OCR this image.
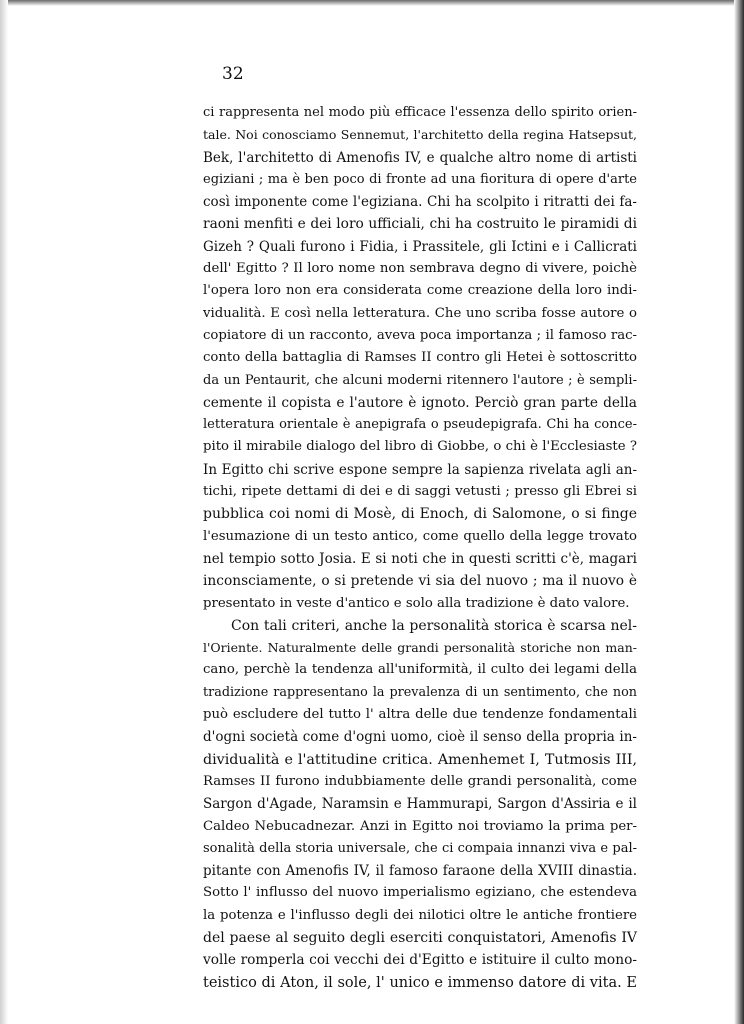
32
ci rappresenta nel modo più efficace l'essenza dello spirito orien-
tale. Noi conosciamo Sennemut, l'architetto della regina Hatsepsut,
Bek, l'architetto di Amenofis IV, e qualche altro nome di artisti
egiziani ; ma è ben poco di fronte ad una fioritura di opere d'arte
così imponente come l'egiziana. Chi ha scolpito i ritratti dei fa-
raoni menfiti e dei loro ufficiali, chi ha costruito le piramidi di
Gizeh ? Quali furono i Fidia, i Prassitele, gli Ictini e i Callicrati
dell' Egitto ? Il loro nome non sembrava degno di vivere, poichè
l'opera loro non era considerata come creazione della loro indi-
vidualità. E così nella letteratura. Che uno scriba fosse autore o
copiatore di un racconto, aveva poca importanza ; il famoso rac-
conto della battaglia di Ramses II contro gli Hetei è sottoscritto
da un Pentaurit, che alcuni moderni ritennero l'autore ; è sempli-
cemente il copista e l'autore è ignoto. Perciò gran parte della
letteratura orientale è anepigrafa o pseudepigrafa. Chi ha conce-
pito il mirabile dialogo del libro di Giobbe, o chi è l'Ecclesiaste ?
In Egitto chi scrive espone sempre la sapienza rivelata agli an-
tichi, ripete dettami di dei e di saggi vetusti ; presso gli Ebrei si
pubblica coi nomi di Mosè, di Enoch, di Salomone, o si finge
l'esumazione di un testo antico, come quello della legge trovato
nel tempio sotto Josia. E si noti che in questi scritti c'è, magari
inconsciamente, o si pretende vi sia del nuovo ; ma il nuovo è
presentato in veste d'antico e solo alla tradizione è dato valore.
Con tali criteri, anche la personalità storica è scarsa nel-
l'Oriente. Naturalmente delle grandi personalità storiche non man-
cano, perchè la tendenza all'uniformità, il culto dei legami della
tradizione rappresentano la prevalenza di un sentimento, che non
può escludere del tutto l' altra delle due tendenze fondamentali
d'ogni società come d'ogni uomo, cioè il senso della propria in-
dividualità e l'attitudine critica. Amenhemet I, Tutmosis III,
Ramses II furono indubbiamente delle grandi personalità, come
Sargon d'Agade, Naramsin e Hammurapi, Sargon d'Assiria e il
Caldeo Nebucadnezar. Anzi in Egitto noi troviamo la prima per-
sonalità della storia universale, che ci compaia innanzi viva e pal-
pitante con Amenofis IV, il famoso faraone della XVIII dinastia.
Sotto l' influsso del nuovo imperialismo egiziano, che estendeva
la potenza e l'influsso degli dei nilotici oltre le antiche frontiere
del paese al seguito degli eserciti conquistatori, Amenofis IV
volle romperla coi vecchi dei d'Egitto e istituire il culto mono-
teistico di Aton, il sole, l' unico e immenso datore di vita. E
